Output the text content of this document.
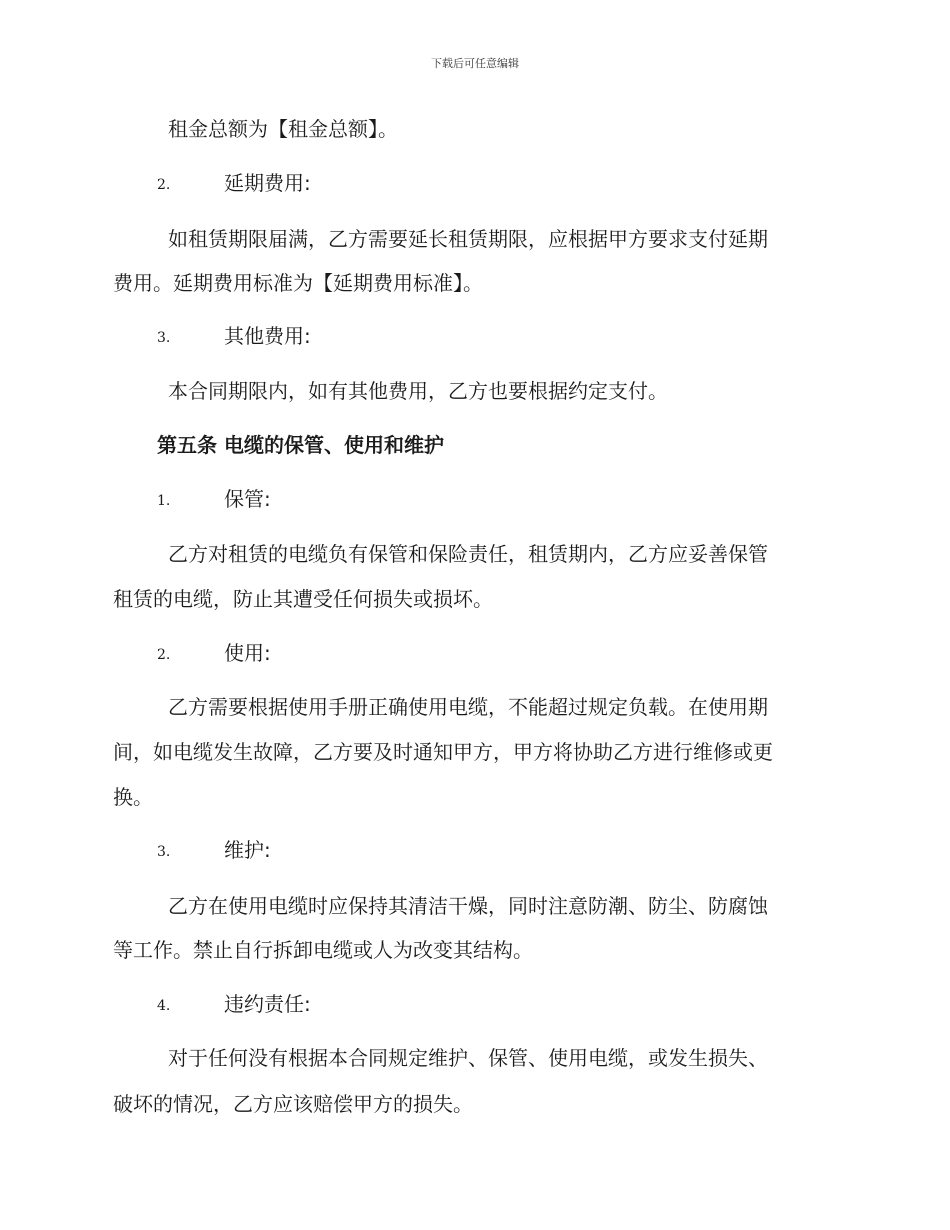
下载后可任意编辑
租金总额为【租金总额】。
2.	延期费用:
如租赁期限届满，乙方需要延长租赁期限，应根据甲方要求支付延期
费用。延期费用标准为【延期费用标准】。
3.	其他费用:
本合同期限内，如有其他费用，乙方也要根据约定支付。
第五条 电缆的保管、使用和维护
1.	保管:
乙方对租赁的电缆负有保管和保险责任，租赁期内，乙方应妥善保管
租赁的电缆，防止其遭受任何损失或损坏。
2.	使用:
乙方需要根据使用手册正确使用电缆，不能超过规定负载。在使用期
间，如电缆发生故障，乙方要及时通知甲方，甲方将协助乙方进行维修或更
换。
3.	维护:
乙方在使用电缆时应保持其清洁干燥，同时注意防潮、防尘、防腐蚀
等工作。禁止自行拆卸电缆或人为改变其结构。
4.	违约责任:
对于任何没有根据本合同规定维护、保管、使用电缆，或发生损失、
破坏的情况，乙方应该赔偿甲方的损失。
